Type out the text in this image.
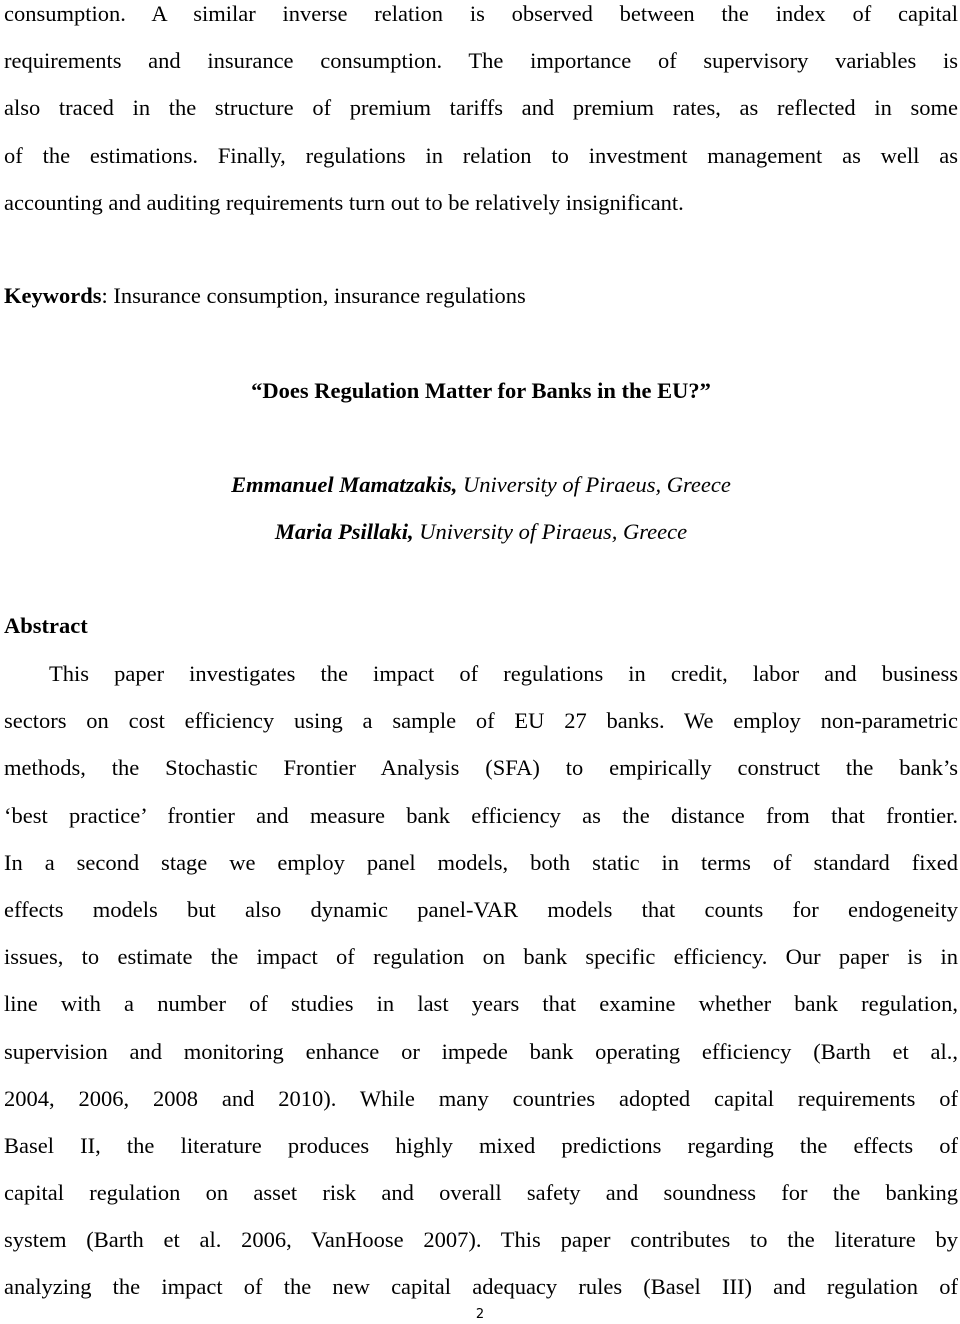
consumption. A similar inverse relation is observed between the index of capital
requirements and insurance consumption. The importance of supervisory variables is
also traced in the structure of premium tariffs and premium rates, as reflected in some
of the estimations. Finally, regulations in relation to investment management as well as
accounting and auditing requirements turn out to be relatively insignificant.
Keywords: Insurance consumption, insurance regulations
“Does Regulation Matter for Banks in the EU?”
Emmanuel Mamatzakis, University of Piraeus, Greece
Maria Psillaki, University of Piraeus, Greece
Abstract
This paper investigates the impact of regulations in credit, labor and business
sectors on cost efficiency using a sample of EU 27 banks. We employ non-parametric
methods, the Stochastic Frontier Analysis (SFA) to empirically construct the bank’s
‘best practice’ frontier and measure bank efficiency as the distance from that frontier.
In a second stage we employ panel models, both static in terms of standard fixed
effects models but also dynamic panel-VAR models that counts for endogeneity
issues, to estimate the impact of regulation on bank specific efficiency. Our paper is in
line with a number of studies in last years that examine whether bank regulation,
supervision and monitoring enhance or impede bank operating efficiency (Barth et al.,
2004, 2006, 2008 and 2010). While many countries adopted capital requirements of
Basel II, the literature produces highly mixed predictions regarding the effects of
capital regulation on asset risk and overall safety and soundness for the banking
system (Barth et al. 2006, VanHoose 2007). This paper contributes to the literature by
analyzing the impact of the new capital adequacy rules (Basel III) and regulation of
2
